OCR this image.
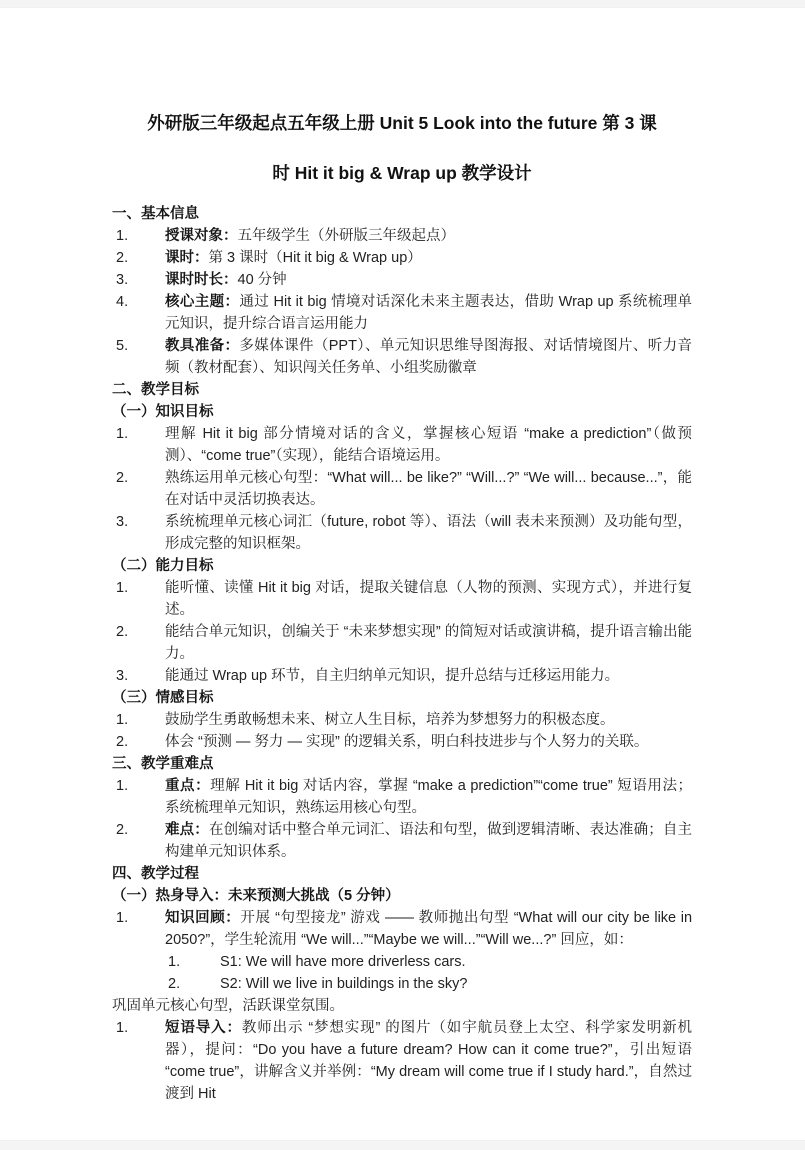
外研版三年级起点五年级上册 Unit 5 Look into the future 第 3 课
时 Hit it big & Wrap up 教学设计
一、基本信息
1.	授课对象：五年级学生（外研版三年级起点）
2.	课时：第 3 课时（Hit it big & Wrap up）
3.	课时时长：40 分钟
4.	核心主题：通过 Hit it big 情境对话深化未来主题表达，借助 Wrap up 系统梳理单元知识，提升综合语言运用能力
5.	教具准备：多媒体课件（PPT）、单元知识思维导图海报、对话情境图片、听力音频（教材配套）、知识闯关任务单、小组奖励徽章
二、教学目标
（一）知识目标
1.	理解 Hit it big 部分情境对话的含义，掌握核心短语 “make a prediction”（做预测）、“come true”（实现），能结合语境运用。
2.	熟练运用单元核心句型：“What will... be like?” “Will...?” “We will... because...”，能在对话中灵活切换表达。
3.	系统梳理单元核心词汇（future, robot 等）、语法（will 表未来预测）及功能句型，形成完整的知识框架。
（二）能力目标
1.	能听懂、读懂 Hit it big 对话，提取关键信息（人物的预测、实现方式），并进行复述。
2.	能结合单元知识，创编关于 “未来梦想实现” 的简短对话或演讲稿，提升语言输出能力。
3.	能通过 Wrap up 环节，自主归纳单元知识，提升总结与迁移运用能力。
（三）情感目标
1.	鼓励学生勇敢畅想未来、树立人生目标，培养为梦想努力的积极态度。
2.	体会 “预测 — 努力 — 实现” 的逻辑关系，明白科技进步与个人努力的关联。
三、教学重难点
1.	重点：理解 Hit it big 对话内容，掌握 “make a prediction”“come true” 短语用法；系统梳理单元知识，熟练运用核心句型。
2.	难点：在创编对话中整合单元词汇、语法和句型，做到逻辑清晰、表达准确；自主构建单元知识体系。
四、教学过程
（一）热身导入：未来预测大挑战（5 分钟）
1.	知识回顾：开展 “句型接龙” 游戏 —— 教师抛出句型 “What will our city be like in 2050?”，学生轮流用 “We will...”“Maybe we will...”“Will we...?” 回应，如：
1.	S1: We will have more driverless cars.
2.	S2: Will we live in buildings in the sky?
巩固单元核心句型，活跃课堂氛围。
1.	短语导入：教师出示 “梦想实现” 的图片（如宇航员登上太空、科学家发明新机器），提问：“Do you have a future dream? How can it come true?”，引出短语 “come true”，讲解含义并举例：“My dream will come true if I study hard.”，自然过渡到 Hit
